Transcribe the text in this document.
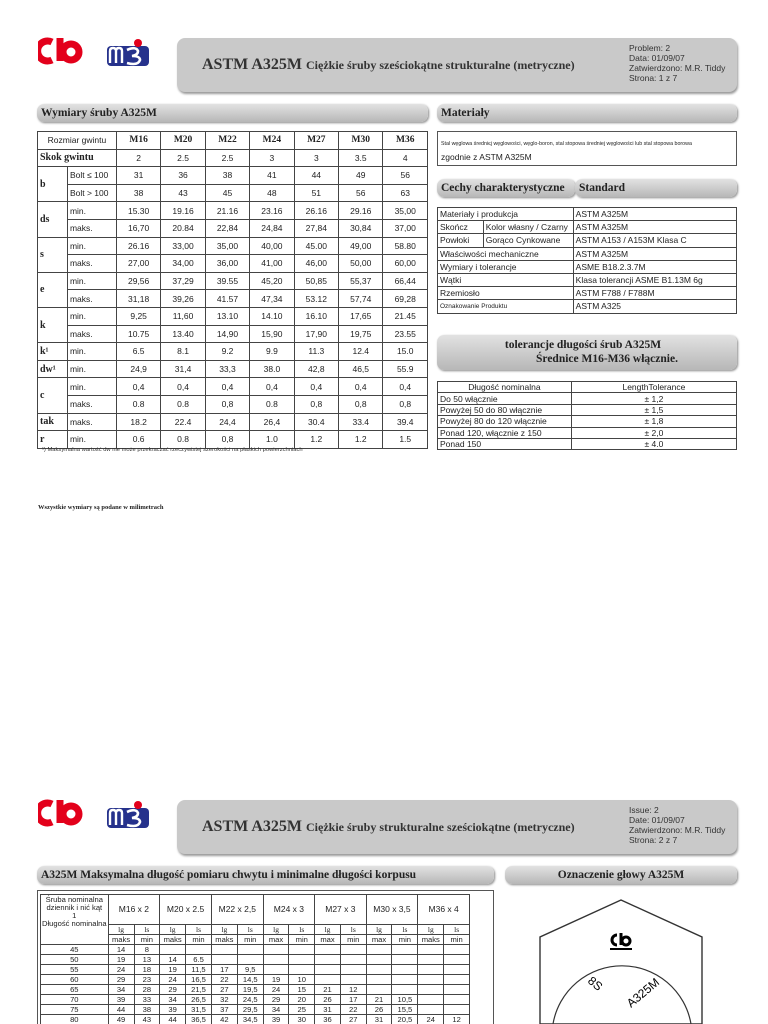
ASTM A325M Ciężkie śruby sześciokątne strukturalne (metryczne)
Problem: 2
Data: 01/09/07
Zatwierdzono: M.R. Tiddy
Strona: 1 z 7
Wymiary śruby A325M
Rozmiar gwintu		M16	M20	M22	M24	M27	M30	M36
Skok gwintu		2	2.5	2.5	3	3	3.5	4
b	Bolt ≤ 100	31	36	38	41	44	49	56
	Bolt > 100	38	43	45	48	51	56	63
ds	min.	15.30	19.16	21.16	23.16	26.16	29.16	35,00
	maks.	16,70	20.84	22,84	24,84	27,84	30,84	37,00
s	min.	26.16	33,00	35,00	40,00	45.00	49,00	58.80
	maks.	27,00	34,00	36,00	41,00	46,00	50,00	60,00
e	min.	29,56	37,29	39.55	45,20	50,85	55,37	66,44
	maks.	31,18	39,26	41.57	47,34	53.12	57,74	69,28
k	min.	9,25	11,60	13.10	14.10	16.10	17,65	21.45
	maks.	10.75	13.40	14,90	15,90	17,90	19,75	23.55
k¹	min.	6.5	8.1	9.2	9.9	11.3	12.4	15.0
dw¹	min.	24,9	31,4	33,3	38.0	42,8	46,5	55.9
c	min.	0,4	0,4	0,4	0,4	0,4	0,4	0,4
	maks.	0.8	0.8	0,8	0.8	0,8	0,8	0,8
tak	maks.	18.2	22.4	24,4	26,4	30.4	33.4	39.4
r	min.	0.6	0.8	0,8	1.0	1.2	1.2	1.5
¹) Maksymalna wartość dw nie może przekraczać rzeczywistej szerokości na płaskich powierzchniach
Materiały
Stal węglowa średnієj węglowości, węglo-boron, stal stopowa średniej węglowości lub stal stopowa borowa
zgodnie z ASTM A325M
Cechy charakterystyczne	Standard
Materiały i produkcja		ASTM A325M
Skończ	Kolor własny / Czarny	ASTM A325M
Powłoki	Gorąco Cynkowane	ASTM A153 / A153M Klasa C
Właściwości mechaniczne		ASTM A325M
Wymiary i tolerancje		ASME B18.2.3.7M
Wątki		Klasa tolerancji ASME B1.13M 6g
Rzemiosło		ASTM F788 / F788M
Oznakowanie Produktu		ASTM A325
tolerancje długości śrub A325M
Średnice M16-M36 włącznie.
Długość nominalna	LengthTolerance
Do 50 włącznie	± 1,2
Powyżej 50 do 80 włącznie	± 1,5
Powyżej 80 do 120 włącznie	± 1,8
Ponad 120, włącznie z 150	± 2,0
Ponad 150	± 4.0
Wszystkie wymiary są podane w milimetrach
ASTM A325M Ciężkie śruby strukturalne sześciokątne (metryczne)
Issue: 2
Date: 01/09/07
Zatwierdzono: M.R. Tiddy
Strona: 2 z 7
A325M Maksymalna długość pomiaru chwytu i minimalne długości korpusu
Śruba nominalna dziennik i nić kąt
1
Długość nominalna	M16 x 2		M20 x 2.5		M22 x 2,5		M24 x 3		M27 x 3		M30 x 3,5		M36 x 4	
	lg	ls	lg	ls	lg	ls	lg	ls	lg	ls	lg	ls	lg	ls
	maks	min	maks	min	maks	min	max	min	max	min	max	min	maks	min
45	14	8												
50	19	13	14	6.5										
55	24	18	19	11,5	17	9,5								
60	29	23	24	16,5	22	14,5	19	10						
65	34	28	29	21,5	27	19,5	24	15	21	12				
70	39	33	34	26,5	32	24,5	29	20	26	17	21	10,5		
75	44	38	39	31,5	37	29,5	34	25	31	22	26	15,5		
80	49	43	44	36,5	42	34,5	39	30	36	27	31	20,5	24	12
Oznaczenie głowy A325M
8S A325M
